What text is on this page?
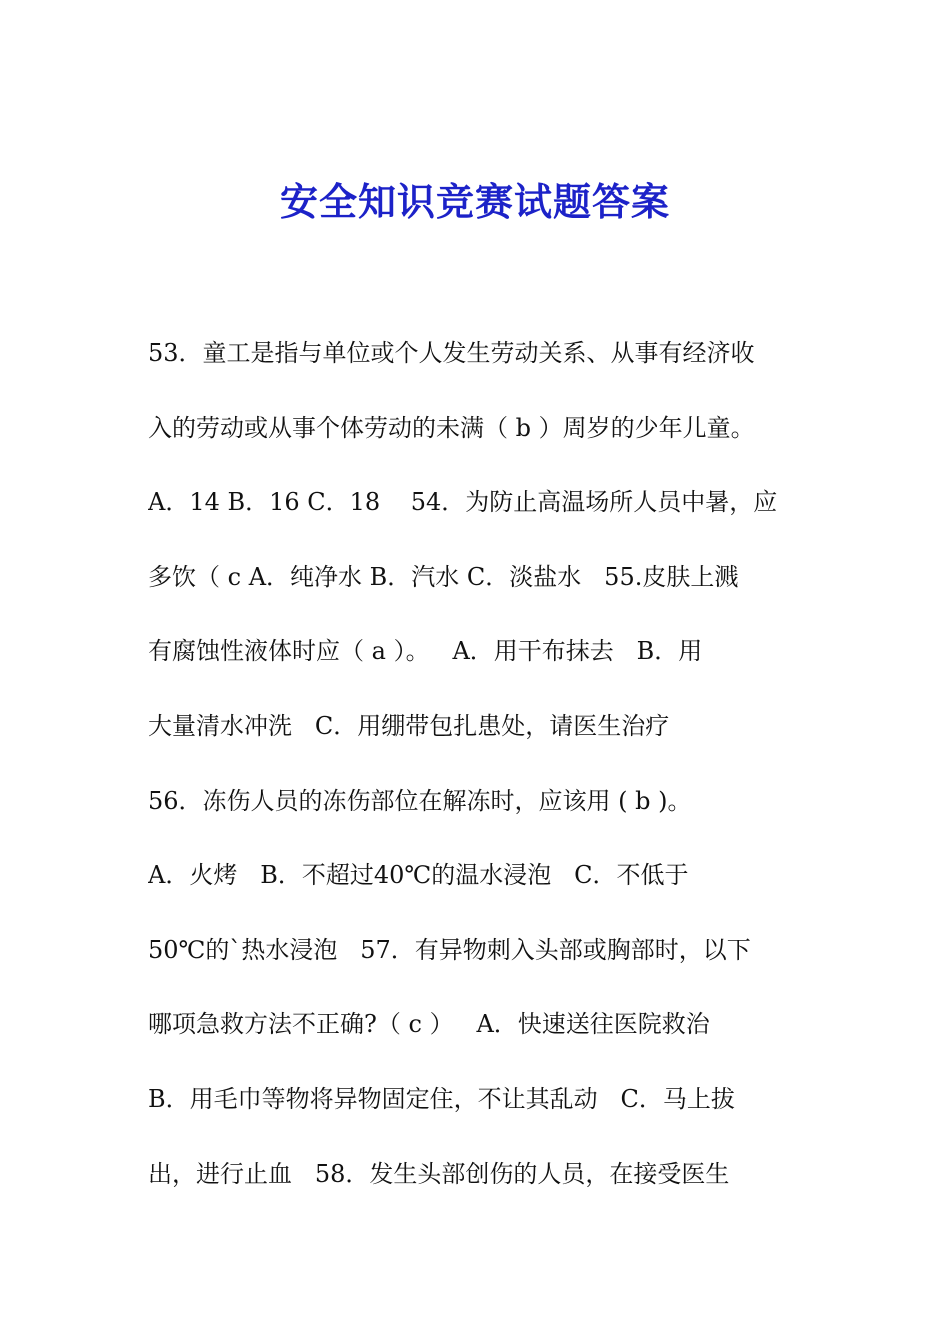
安全知识竞赛试题答案
53．童工是指与单位或个人发生劳动关系、从事有经济收
入的劳动或从事个体劳动的未满（ b ）周岁的少年儿童。
A．14 B．16 C．18    54．为防止高温场所人员中暑，应
多饮（ c A．纯净水 B．汽水 C．淡盐水   55.皮肤上溅
有腐蚀性液体时应（ a ）。   A．用干布抹去   B．用
大量清水冲洗   C．用绷带包扎患处，请医生治疗
56．冻伤人员的冻伤部位在解冻时，应该用 ( b )。
A．火烤   B．不超过40℃的温水浸泡   C．不低于
50℃的`热水浸泡   57．有异物刺入头部或胸部时，以下
哪项急救方法不正确?（ c ）   A．快速送往医院救治
B．用毛巾等物将异物固定住，不让其乱动   C．马上拔
出，进行止血   58．发生头部创伤的人员，在接受医生
